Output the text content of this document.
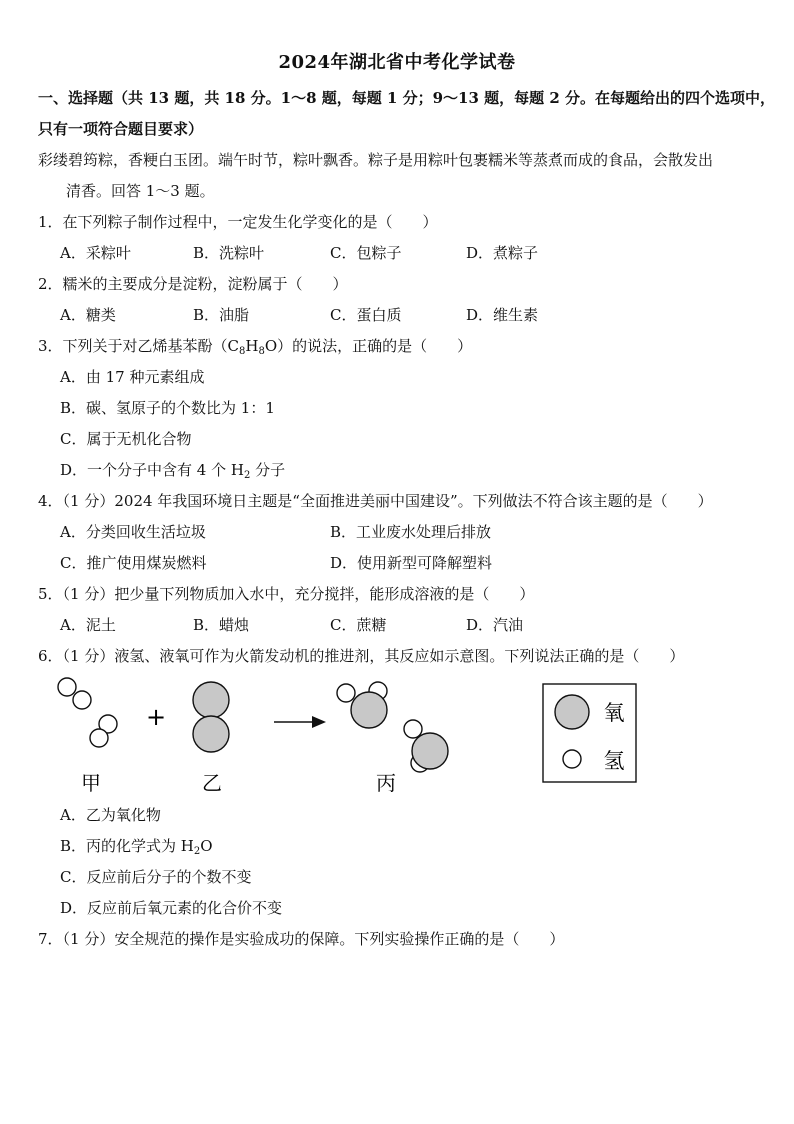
2024年湖北省中考化学试卷
一、选择题（共 13 题，共 18 分。1～8 题，每题 1 分；9～13 题，每题 2 分。在每题给出的四个选项中，
只有一项符合题目要求）
彩缕碧筠粽，香粳白玉团。端午时节，粽叶飘香。粽子是用粽叶包裹糯米等蒸煮而成的食品，会散发出
清香。回答 1～3 题。
1．在下列粽子制作过程中，一定发生化学变化的是（　　）
A．采粽叶	B．洗粽叶	C．包粽子	D．煮粽子
2．糯米的主要成分是淀粉，淀粉属于（　　）
A．糖类	B．油脂	C．蛋白质	D．维生素
3．下列关于对乙烯基苯酚$(C_8H_8O)$的说法，正确的是（　　）
A．由 17 种元素组成
B．碳、氢原子的个数比为 1：1
C．属于无机化合物
D．一个分子中含有 4 个 $H_2$ 分子
4．（1 分）2024 年我国环境日主题是“全面推进美丽中国建设”。下列做法不符合该主题的是（　　）
A．分类回收生活垃圾	B．工业废水处理后排放
C．推广使用煤炭燃料	D．使用新型可降解塑料
5．（1 分）把少量下列物质加入水中，充分搅拌，能形成溶液的是（　　）
A．泥土	B．蜡烛	C．蔗糖	D．汽油
6．（1 分）液氢、液氧可作为火箭发动机的推进剂，其反应如示意图。下列说法正确的是（　　）
+
甲	乙	丙
氧
氢
A．乙为氧化物
B．丙的化学式为 $H_2O$
C．反应前后分子的个数不变
D．反应前后氧元素的化合价不变
7．（1 分）安全规范的操作是实验成功的保障。下列实验操作正确的是（　　）
